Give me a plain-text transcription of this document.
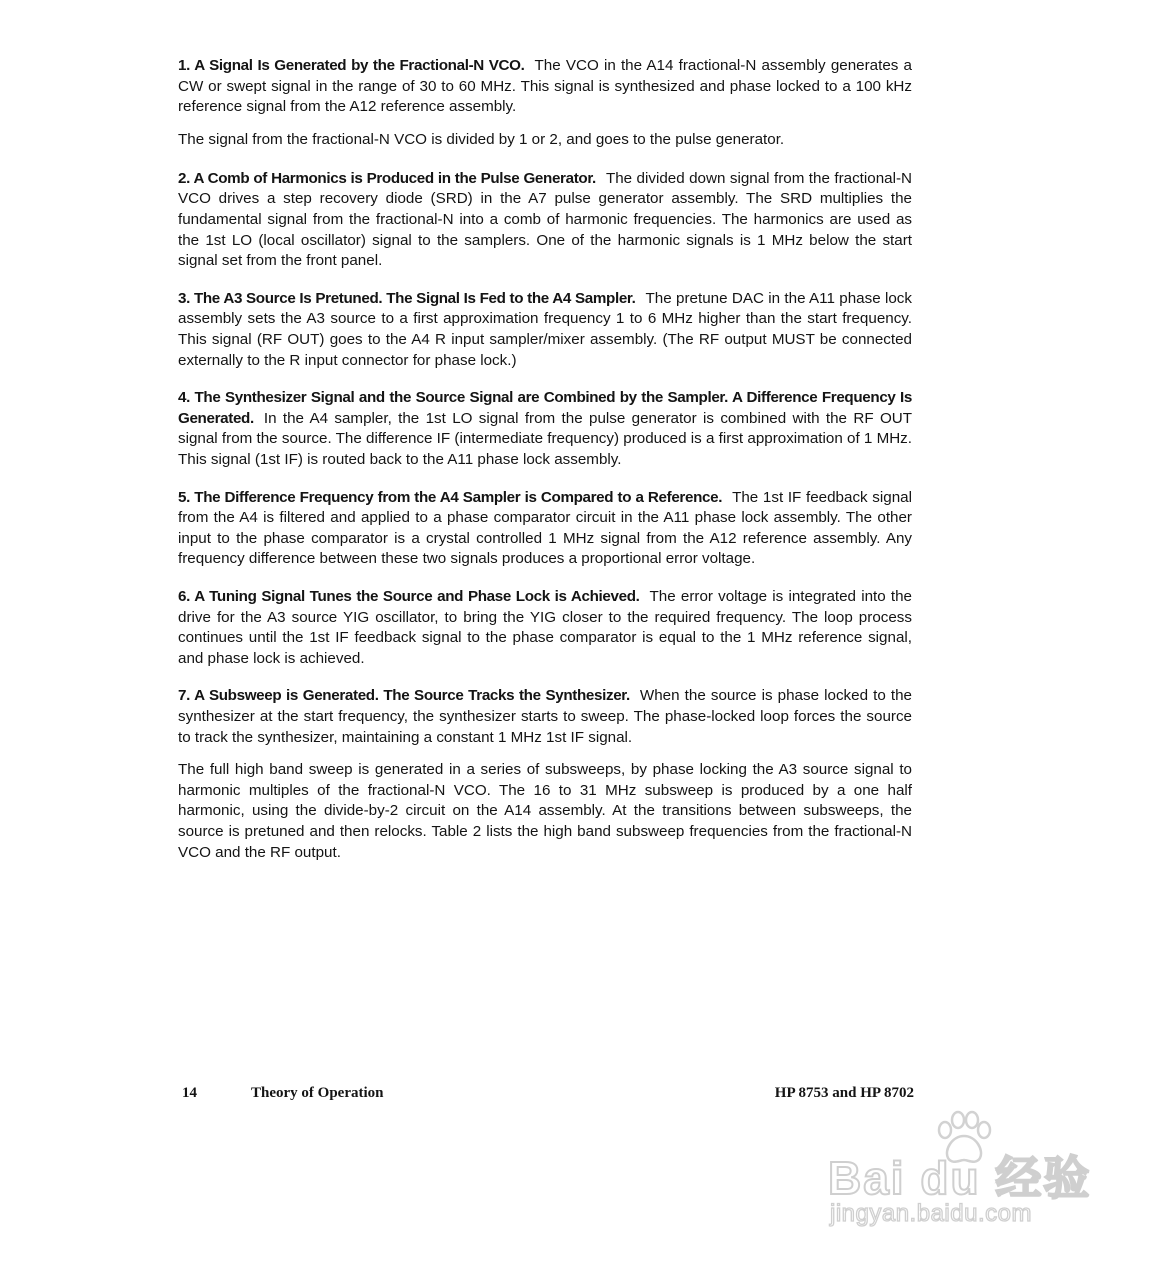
1. A Signal Is Generated by the Fractional-N VCO. The VCO in the A14 fractional-N assembly generates a CW or swept signal in the range of 30 to 60 MHz. This signal is synthesized and phase locked to a 100 kHz reference signal from the A12 reference assembly.

The signal from the fractional-N VCO is divided by 1 or 2, and goes to the pulse generator.

2. A Comb of Harmonics is Produced in the Pulse Generator. The divided down signal from the fractional-N VCO drives a step recovery diode (SRD) in the A7 pulse generator assembly. The SRD multiplies the fundamental signal from the fractional-N into a comb of harmonic frequencies. The harmonics are used as the 1st LO (local oscillator) signal to the samplers. One of the harmonic signals is 1 MHz below the start signal set from the front panel.

3. The A3 Source Is Pretuned. The Signal Is Fed to the A4 Sampler. The pretune DAC in the A11 phase lock assembly sets the A3 source to a first approximation frequency 1 to 6 MHz higher than the start frequency. This signal (RF OUT) goes to the A4 R input sampler/mixer assembly. (The RF output MUST be connected externally to the R input connector for phase lock.)

4. The Synthesizer Signal and the Source Signal are Combined by the Sampler. A Difference Frequency Is Generated. In the A4 sampler, the 1st LO signal from the pulse generator is combined with the RF OUT signal from the source. The difference IF (intermediate frequency) produced is a first approximation of 1 MHz. This signal (1st IF) is routed back to the A11 phase lock assembly.

5. The Difference Frequency from the A4 Sampler is Compared to a Reference. The 1st IF feedback signal from the A4 is filtered and applied to a phase comparator circuit in the A11 phase lock assembly. The other input to the phase comparator is a crystal controlled 1 MHz signal from the A12 reference assembly. Any frequency difference between these two signals produces a proportional error voltage.

6. A Tuning Signal Tunes the Source and Phase Lock is Achieved. The error voltage is integrated into the drive for the A3 source YIG oscillator, to bring the YIG closer to the required frequency. The loop process continues until the 1st IF feedback signal to the phase comparator is equal to the 1 MHz reference signal, and phase lock is achieved.

7. A Subsweep is Generated. The Source Tracks the Synthesizer. When the source is phase locked to the synthesizer at the start frequency, the synthesizer starts to sweep. The phase-locked loop forces the source to track the synthesizer, maintaining a constant 1 MHz 1st IF signal.

The full high band sweep is generated in a series of subsweeps, by phase locking the A3 source signal to harmonic multiples of the fractional-N VCO. The 16 to 31 MHz subsweep is produced by a one half harmonic, using the divide-by-2 circuit on the A14 assembly. At the transitions between subsweeps, the source is pretuned and then relocks. Table 2 lists the high band subsweep frequencies from the fractional-N VCO and the RF output.

14	Theory of Operation	HP 8753 and HP 8702
Bai du 经验
jingyan.baidu.com
